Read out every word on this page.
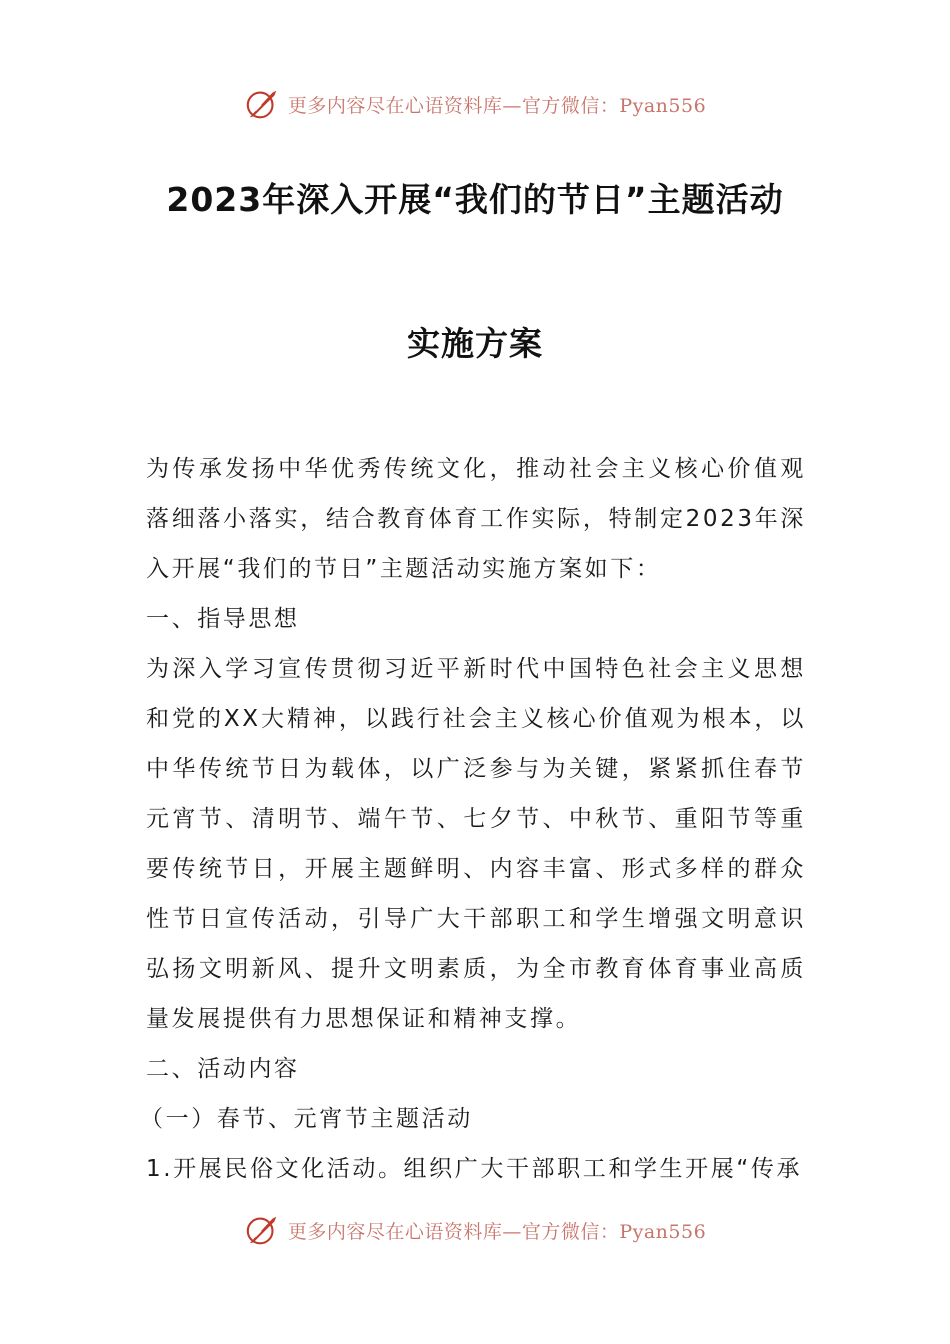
更多内容尽在心语资料库—官方微信：Pyan556
2023年深入开展“我们的节日”主题活动
实施方案

为传承发扬中华优秀传统文化，推动社会主义核心价值观落细落小落实，结合教育体育工作实际，特制定2023年深入开展“我们的节日”主题活动实施方案如下：

一、指导思想

为深入学习宣传贯彻习近平新时代中国特色社会主义思想和党的XX大精神，以践行社会主义核心价值观为根本，以中华传统节日为载体，以广泛参与为关键，紧紧抓住春节元宵节、清明节、端午节、七夕节、中秋节、重阳节等重要传统节日，开展主题鲜明、内容丰富、形式多样的群众性节日宣传活动，引导广大干部职工和学生增强文明意识弘扬文明新风、提升文明素质，为全市教育体育事业高质量发展提供有力思想保证和精神支撑。

二、活动内容

（一）春节、元宵节主题活动

1.开展民俗文化活动。组织广大干部职工和学生开展“传承

更多内容尽在心语资料库—官方微信：Pyan556
